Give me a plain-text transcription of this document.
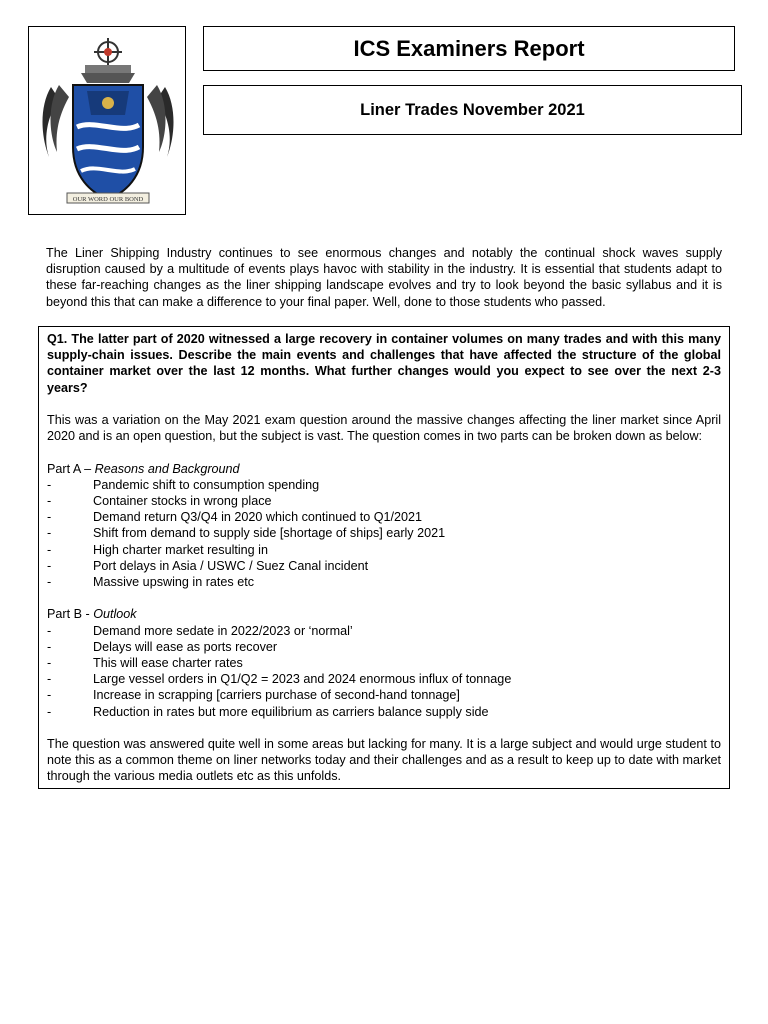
OUR WORD OUR BOND
ICS Examiners Report
Liner Trades November 2021

The Liner Shipping Industry continues to see enormous changes and notably the continual shock waves supply disruption caused by a multitude of events plays havoc with stability in the industry. It is essential that students adapt to these far-reaching changes as the liner shipping landscape evolves and try to look beyond the basic syllabus and it is beyond this that can make a difference to your final paper. Well, done to those students who passed.

Q1. The latter part of 2020 witnessed a large recovery in container volumes on many trades and with this many supply-chain issues. Describe the main events and challenges that have affected the structure of the global container market over the last 12 months. What further changes would you expect to see over the next 2-3 years?

This was a variation on the May 2021 exam question around the massive changes affecting the liner market since April 2020 and is an open question, but the subject is vast. The question comes in two parts can be broken down as below:

Part A – Reasons and Background

-	Pandemic shift to consumption spending
-	Container stocks in wrong place
-	Demand return Q3/Q4 in 2020 which continued to Q1/2021
-	Shift from demand to supply side [shortage of ships] early 2021
-	High charter market resulting in
-	Port delays in Asia / USWC / Suez Canal incident
-	Massive upswing in rates etc

Part B - Outlook

-	Demand more sedate in 2022/2023 or ‘normal’
-	Delays will ease as ports recover
-	This will ease charter rates
-	Large vessel orders in Q1/Q2 = 2023 and 2024 enormous influx of tonnage
-	Increase in scrapping [carriers purchase of second-hand tonnage]
-	Reduction in rates but more equilibrium as carriers balance supply side

The question was answered quite well in some areas but lacking for many. It is a large subject and would urge student to note this as a common theme on liner networks today and their challenges and as a result to keep up to date with market through the various media outlets etc as this unfolds.
